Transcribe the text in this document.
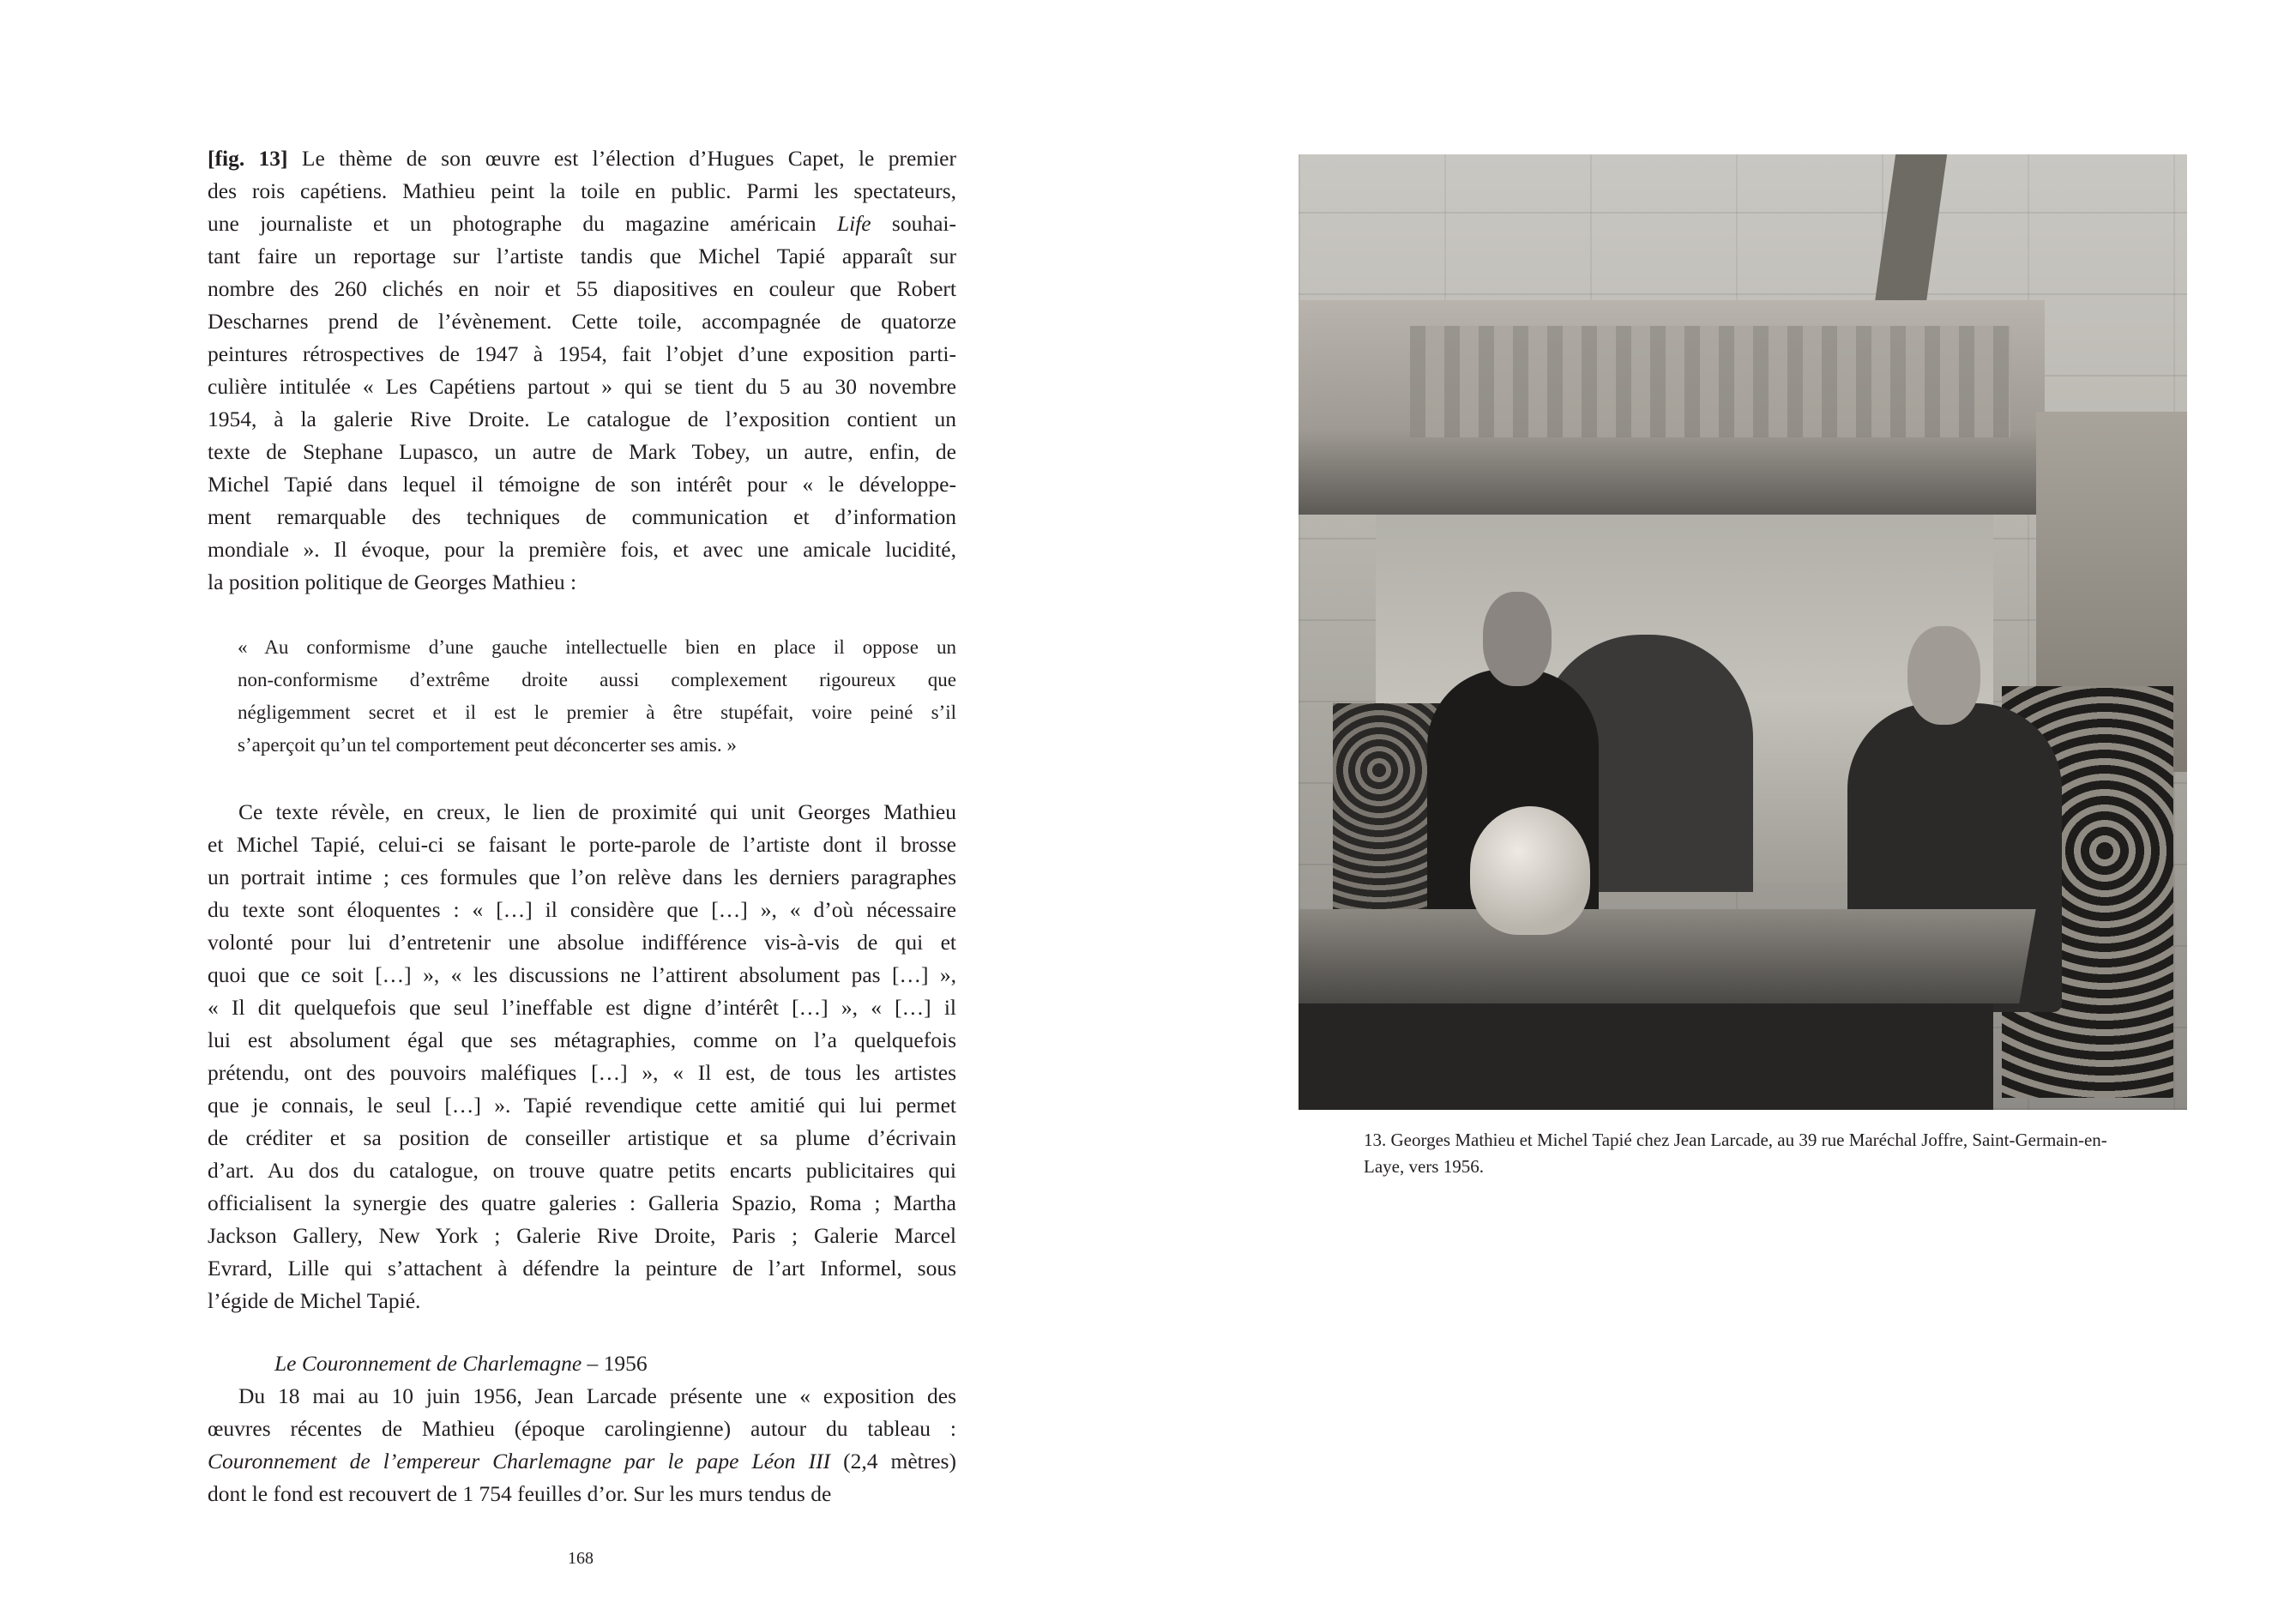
[fig. 13] Le thème de son œuvre est l’élection d’Hugues Capet, le premier
des rois capétiens. Mathieu peint la toile en public. Parmi les spectateurs,
une journaliste et un photographe du magazine américain Life souhai-
tant faire un reportage sur l’artiste tandis que Michel Tapié apparaît sur
nombre des 260 clichés en noir et 55 diapositives en couleur que Robert
Descharnes prend de l’évènement. Cette toile, accompagnée de quatorze
peintures rétrospectives de 1947 à 1954, fait l’objet d’une exposition parti-
culière intitulée « Les Capétiens partout » qui se tient du 5 au 30 novembre
1954, à la galerie Rive Droite. Le catalogue de l’exposition contient un
texte de Stephane Lupasco, un autre de Mark Tobey, un autre, enfin, de
Michel Tapié dans lequel il témoigne de son intérêt pour « le développe-
ment remarquable des techniques de communication et d’information
mondiale ». Il évoque, pour la première fois, et avec une amicale lucidité,
la position politique de Georges Mathieu :
« Au conformisme d’une gauche intellectuelle bien en place il oppose un
non-conformisme d’extrême droite aussi complexement rigoureux que
négligemment secret et il est le premier à être stupéfait, voire peiné s’il
s’aperçoit qu’un tel comportement peut déconcerter ses amis. »
Ce texte révèle, en creux, le lien de proximité qui unit Georges Mathieu
et Michel Tapié, celui-ci se faisant le porte-parole de l’artiste dont il brosse
un portrait intime ; ces formules que l’on relève dans les derniers paragraphes
du texte sont éloquentes : « […] il considère que […] », « d’où nécessaire
volonté pour lui d’entretenir une absolue indifférence vis-à-vis de qui et
quoi que ce soit […] », « les discussions ne l’attirent absolument pas […] »,
« Il dit quelquefois que seul l’ineffable est digne d’intérêt […] », « […] il
lui est absolument égal que ses métagraphies, comme on l’a quelquefois
prétendu, ont des pouvoirs maléfiques […] », « Il est, de tous les artistes
que je connais, le seul […] ». Tapié revendique cette amitié qui lui permet
de créditer et sa position de conseiller artistique et sa plume d’écrivain
d’art. Au dos du catalogue, on trouve quatre petits encarts publicitaires qui
officialisent la synergie des quatre galeries : Galleria Spazio, Roma ; Martha
Jackson Gallery, New York ; Galerie Rive Droite, Paris ; Galerie Marcel
Evrard, Lille qui s’attachent à défendre la peinture de l’art Informel, sous
l’égide de Michel Tapié.
Le Couronnement de Charlemagne – 1956
Du 18 mai au 10 juin 1956, Jean Larcade présente une « exposition des
œuvres récentes de Mathieu (époque carolingienne) autour du tableau :
Couronnement de l’empereur Charlemagne par le pape Léon III (2,4 mètres)
dont le fond est recouvert de 1 754 feuilles d’or. Sur les murs tendus de
168
13. Georges Mathieu et Michel Tapié chez Jean Larcade, au 39 rue Maréchal Joffre, Saint-Germain-en-Laye, vers 1956.
